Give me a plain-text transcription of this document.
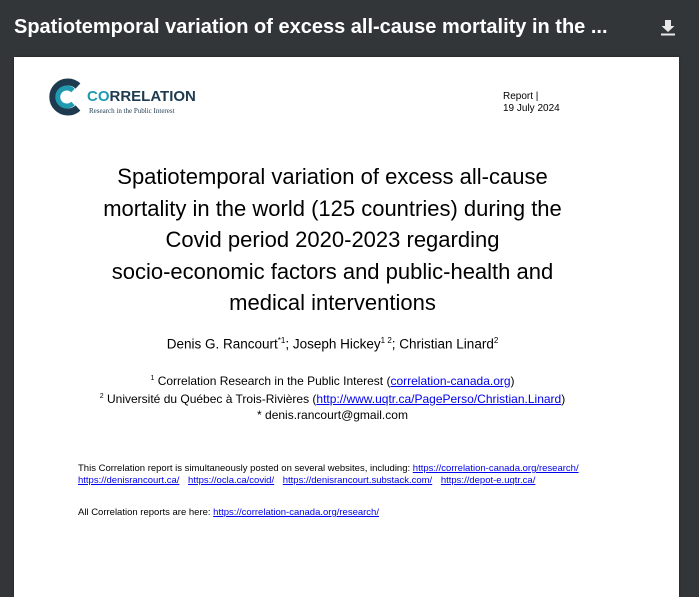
Spatiotemporal variation of excess all-cause mortality in the ...
CORRELATION
Research in the Public Interest
Report |
19 July 2024
Spatiotemporal variation of excess all-cause
mortality in the world (125 countries) during the
Covid period 2020-2023 regarding
socio-economic factors and public-health and
medical interventions
Denis G. Rancourt$^{*1}$; Joseph Hickey$^{1 2}$; Christian Linard$^2$
$^1$ Correlation Research in the Public Interest (correlation-canada.org)
$^2$ Université du Québec à Trois-Rivières (http://www.uqtr.ca/PagePerso/Christian.Linard)
* denis.rancourt@gmail.com
This Correlation report is simultaneously posted on several websites, including: https://correlation-canada.org/research/ https://denisrancourt.ca/ https://ocla.ca/covid/ https://denisrancourt.substack.com/ https://depot-e.uqtr.ca/
All Correlation reports are here: https://correlation-canada.org/research/
